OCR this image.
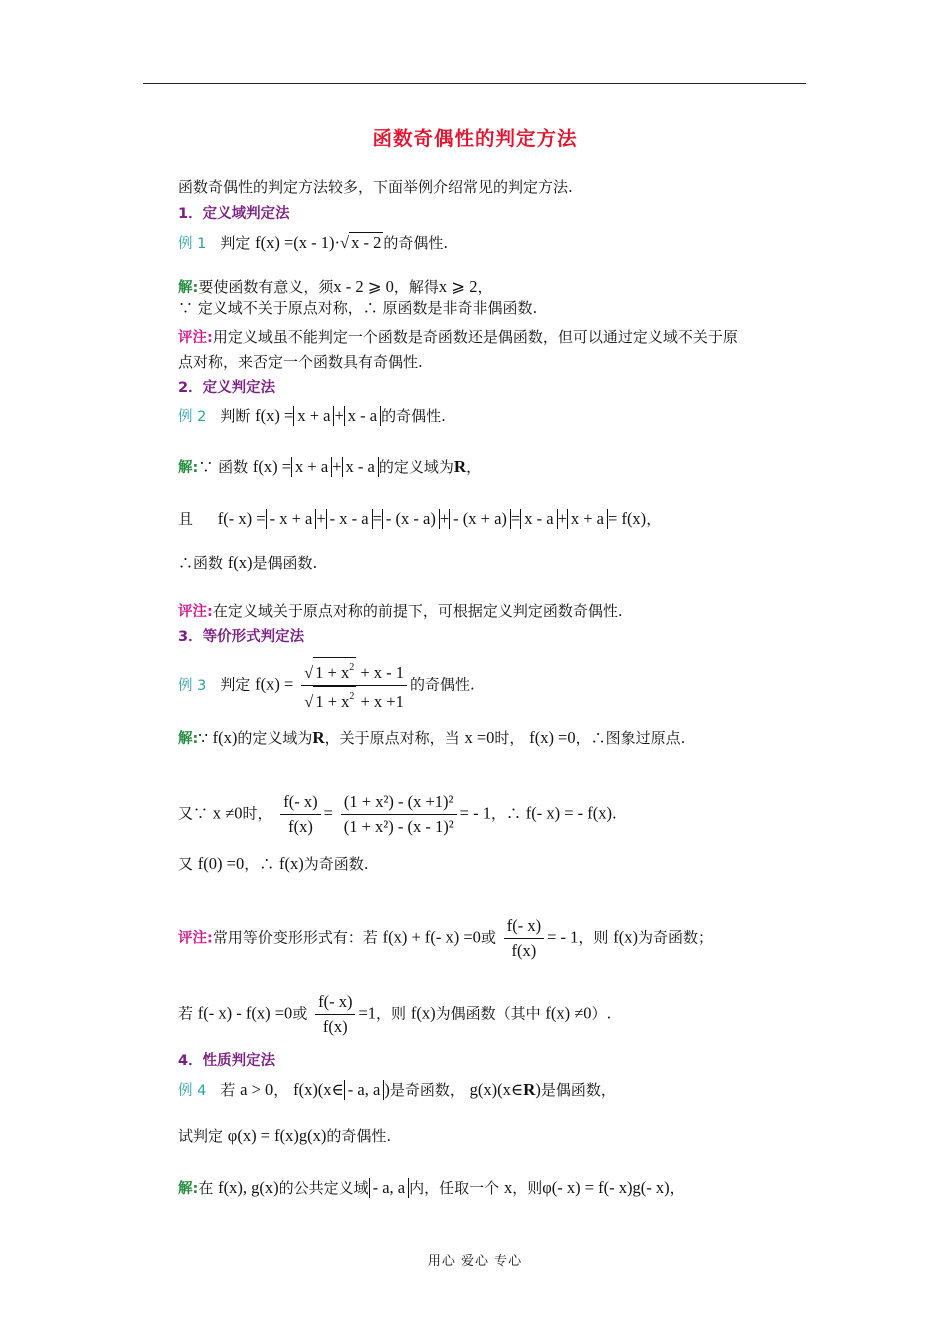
函数奇偶性的判定方法
函数奇偶性的判定方法较多，下面举例介绍常见的判定方法.
1．定义域判定法
例 1 判定 f(x) =(x - 1)·√ x - 2 的奇偶性.
解:要使函数有意义，须x - 2 ⩾ 0，解得x ⩾ 2，
∵ 定义域不关于原点对称，∴ 原函数是非奇非偶函数.
评注:用定义域虽不能判定一个函数是奇函数还是偶函数，但可以通过定义域不关于原
点对称，来否定一个函数具有奇偶性.
2．定义判定法
例 2 判断 f(x) = x + a + x - a 的奇偶性.
解:∵ 函数 f(x) = x + a + x - a 的定义域为R，
且 f(- x) = - x + a + - x - a = - (x - a) + - (x + a) = x - a + x + a = f(x)，
∴函数 f(x)是偶函数.
评注:在定义域关于原点对称的前提下，可根据定义判定函数奇偶性.
3．等价形式判定法
例 3 判定 $f(x) = \frac{√ 1 + x^2 + x - 1}{√ 1 + x^2 + x +1}$ 的奇偶性.
解:∵ f(x)的定义域为R，关于原点对称，当 x =0时， f(x) =0，∴图象过原点.
又∵ x ≠0时， $\frac{f(- x)}{f(x)} = \frac{\text{(1 + x²) - (x +1)²}}{\text{(1 + x²) - (x - 1)²}}$ = - 1，∴ f(- x) = - f(x).
又 f(0) =0，∴ f(x)为奇函数.
评注:常用等价变形形式有：若 f(x) + f(- x) =0或 $\frac{f(- x)}{f(x)}$ = - 1，则 f(x)为奇函数；
若 f(- x) - f(x) =0或 $\frac{f(- x)}{f(x)} =1$，则 f(x)为偶函数（其中 f(x) ≠0）.
4．性质判定法
例 4 若 a > 0， f(x)(x∈ - a, a )是奇函数， g(x)(x∈R)是偶函数，
试判定 φ(x) = f(x)g(x)的奇偶性.
解:在 f(x), g(x)的公共定义域 - a, a 内，任取一个 x，则φ(- x) = f(- x)g(- x)，
用心 爱心 专心
